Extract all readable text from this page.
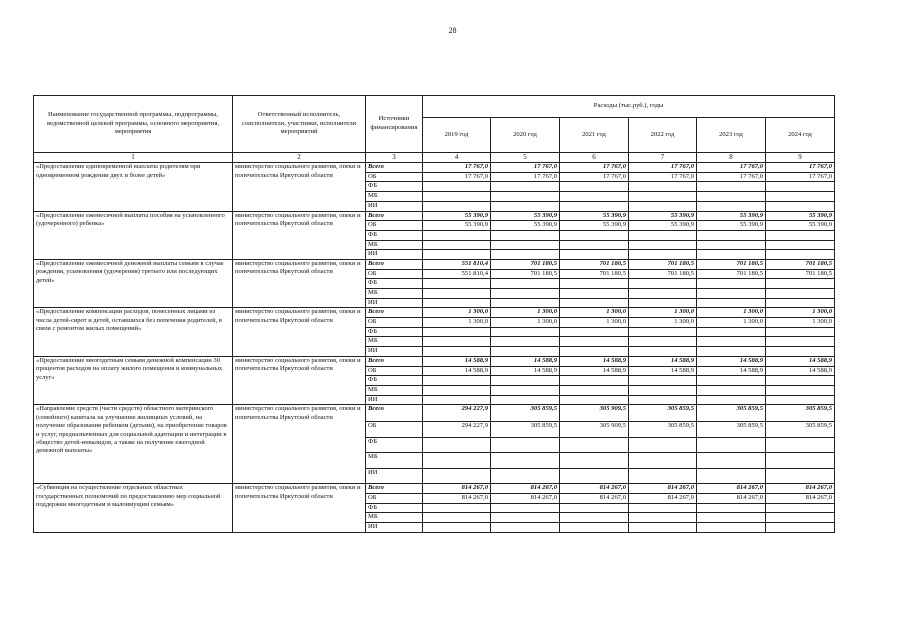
28
Наименование государственной программы, подпрограммы, ведомственной целевой программы, основного мероприятия, мероприятия	Ответственный исполнитель, соисполнители, участники, исполнители мероприятий	Источники финансирования	Расходы (тыс.руб.), годы					
			2019 год	2020 год	2021 год	2022 год	2023 год	2024 год
1	2	3	4	5	6	7	8	9
«Предоставление единовременной выплаты родителям при одновременном рождении двух и более детей»	министерство социального развития, опеки и попечительства Иркутской области	Всего	17 767,0	17 767,0	17 767,0	17 767,0	17 767,0	17 767,0
		ОБ	17 767,0	17 767,0	17 767,0	17 767,0	17 767,0	17 767,0
		ФБ						
		МБ						
		ИИ						
«Предоставление ежемесячной выплаты пособия на усыновленного (удочеренного) ребенка»	министерство социального развития, опеки и попечительства Иркутской области	Всего	55 390,9	55 390,9	55 390,9	55 390,9	55 390,9	55 390,9
		ОБ	55 390,9	55 390,9	55 390,9	55 390,9	55 390,9	55 390,9
		ФБ						
		МБ						
		ИИ						
«Предоставление ежемесячной денежной выплаты семьям в случае рождения, усыновления (удочерения) третьего или последующих детей»	министерство социального развития, опеки и попечительства Иркутской области	Всего	551 810,4	701 180,5	701 180,5	701 180,5	701 180,5	701 180,5
		ОБ	551 810,4	701 180,5	701 180,5	701 180,5	701 180,5	701 180,5
		ФБ						
		МБ						
		ИИ						
«Предоставление компенсации расходов, понесенных лицами из числа детей-сирот и детей, оставшихся без попечения родителей, в связи с ремонтом жилых помещений»	министерство социального развития, опеки и попечительства Иркутской области	Всего	1 300,0	1 300,0	1 300,0	1 300,0	1 300,0	1 300,0
		ОБ	1 300,0	1 300,0	1 300,0	1 300,0	1 300,0	1 300,0
		ФБ						
		МБ						
		ИИ						
«Предоставление многодетным семьям денежной компенсации 30 процентов расходов на оплату жилого помещения и коммунальных услуг»	министерство социального развития, опеки и попечительства Иркутской области	Всего	14 588,9	14 588,9	14 588,9	14 588,9	14 588,9	14 588,9
		ОБ	14 588,9	14 588,9	14 588,9	14 588,9	14 588,9	14 588,9
		ФБ						
		МБ						
		ИИ						
«Направление средств (части средств) областного материнского (семейного) капитала на улучшение жилищных условий, на получение образования ребенком (детьми), на приобретение товаров и услуг, предназначенных для социальной адаптации и интеграции в общество детей-инвалидов, а также на получение ежегодной денежной выплаты»	министерство социального развития, опеки и попечительства Иркутской области	Всего	294 227,9	305 859,5	305 909,5	305 859,5	305 859,5	305 859,5
		ОБ	294 227,9	305 859,5	305 909,5	305 859,5	305 859,5	305 859,5
		ФБ						
		МБ						
		ИИ						
«Субвенция на осуществление отдельных областных государственных полномочий по предоставлению мер социальной поддержки многодетным и малоимущим семьям»	министерство социального развития, опеки и попечительства Иркутской области	Всего	814 267,0	814 267,0	814 267,0	814 267,0	814 267,0	814 267,0
		ОБ	814 267,0	814 267,0	814 267,0	814 267,0	814 267,0	814 267,0
		ФБ						
		МБ						
		ИИ						
